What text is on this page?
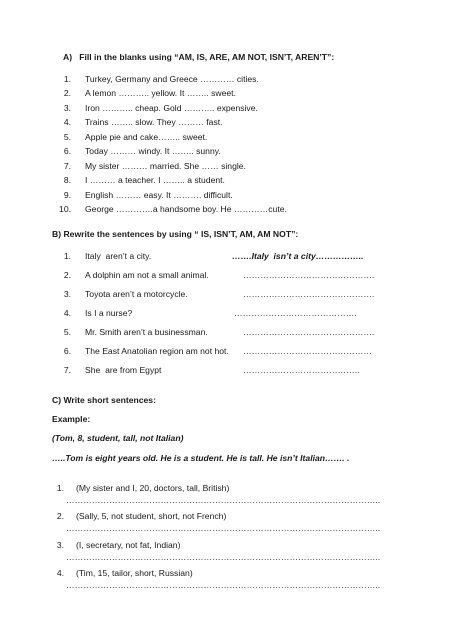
A)   Fill in the blanks using “AM, IS, ARE, AM NOT, ISN’T, AREN’T”:
1. Turkey, Germany and Greece ………… cities.
2. A lemon ……….. yellow. It …….. sweet.
3. Iron ……….. cheap. Gold ……….. expensive.
4. Trains …….. slow. They ……… fast.
5. Apple pie and cake…….. sweet.
6. Today ……… windy. It …….. sunny.
7. My sister ……… married. She …… single.
8. I ……… a teacher. I …….. a student.
9. English ……… easy. It ………. difficult.
10. George ………….a handsome boy. He …………cute.
B) Rewrite the sentences by using “ IS, ISN’T, AM, AM NOT”:
1. Italy  aren’t a city.	…….Italy  isn’t a city……………..
2. A dolphin am not a small animal.	……………………………………….
3. Toyota aren’t a motorcycle.	……………………………………….
4. Is I a nurse?	…………………………………….
5. Mr. Smith aren’t a businessman.	……………………………………….
6. The East Anatolian region am not hot. ………………………………………
7. She  are from Egypt	…………………………………..
C) Write short sentences:
Example:
(Tom, 8, student, tall, not Italian)
…..Tom is eight years old. He is a student. He is tall. He isn’t Italian……. .
1. (My sister and I, 20, doctors, tall, British)
………………………………………………………………………………………………..
2. (Sally, 5, not student, short, not French)
………………………………………………………………………………………………..
3. (I, secretary, not fat, Indian)
………………………………………………………………………………………………..
4. (Tim, 15, tailor, short, Russian)
………………………………………………………………………………………………..
